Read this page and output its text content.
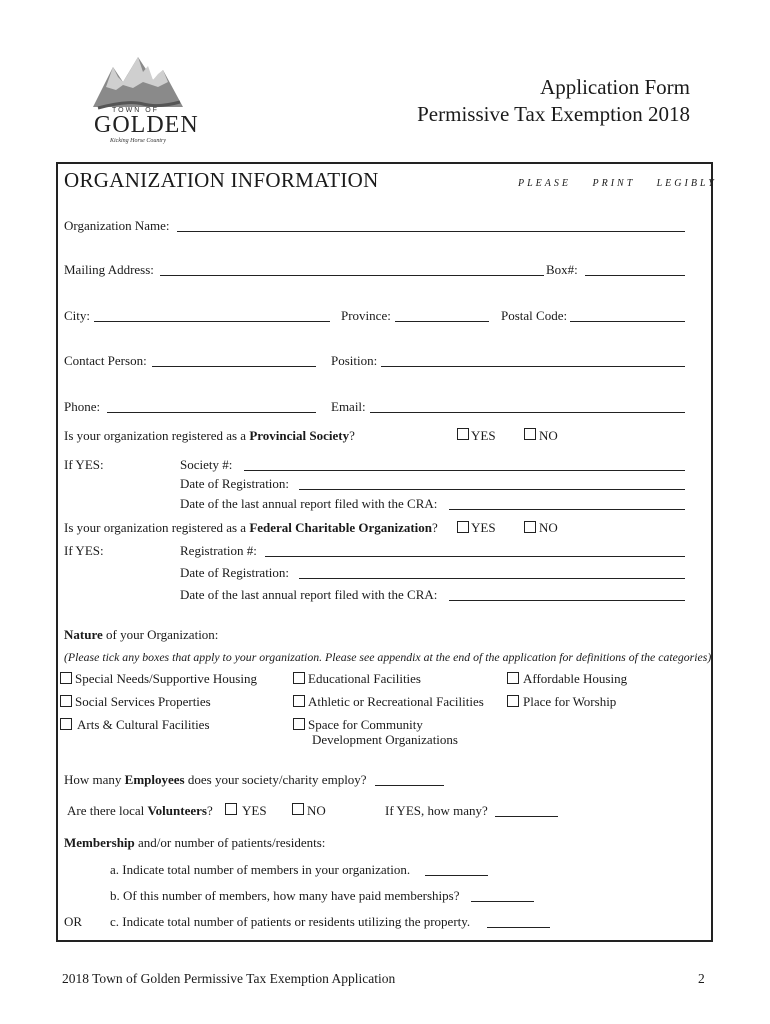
TOWN OF
GOLDEN
Kicking Horse Country
Application Form
Permissive Tax Exemption 2018
ORGANIZATION INFORMATION	PLEASE PRINT LEGIBLY
Organization Name:
Mailing Address:	Box#:
City:	Province:	Postal Code:
Contact Person:	Position:
Phone:	Email:
Is your organization registered as a Provincial Society?	YES	NO
If YES:	Society #:
Date of Registration:
Date of the last annual report filed with the CRA:
Is your organization registered as a Federal Charitable Organization?	YES	NO
If YES:	Registration #:
Date of Registration:
Date of the last annual report filed with the CRA:
Nature of your Organization:
(Please tick any boxes that apply to your organization. Please see appendix at the end of the application for definitions of the categories)
Special Needs/Supportive Housing	Educational Facilities	Affordable Housing
Social Services Properties	Athletic or Recreational Facilities	Place for Worship
Arts & Cultural Facilities	Space for Community
Development Organizations
How many Employees does your society/charity employ?
Are there local Volunteers? YES	NO	If YES, how many?
Membership and/or number of patients/residents:
a. Indicate total number of members in your organization.
b. Of this number of members, how many have paid memberships?
OR c. Indicate total number of patients or residents utilizing the property.
2018 Town of Golden Permissive Tax Exemption Application	2
